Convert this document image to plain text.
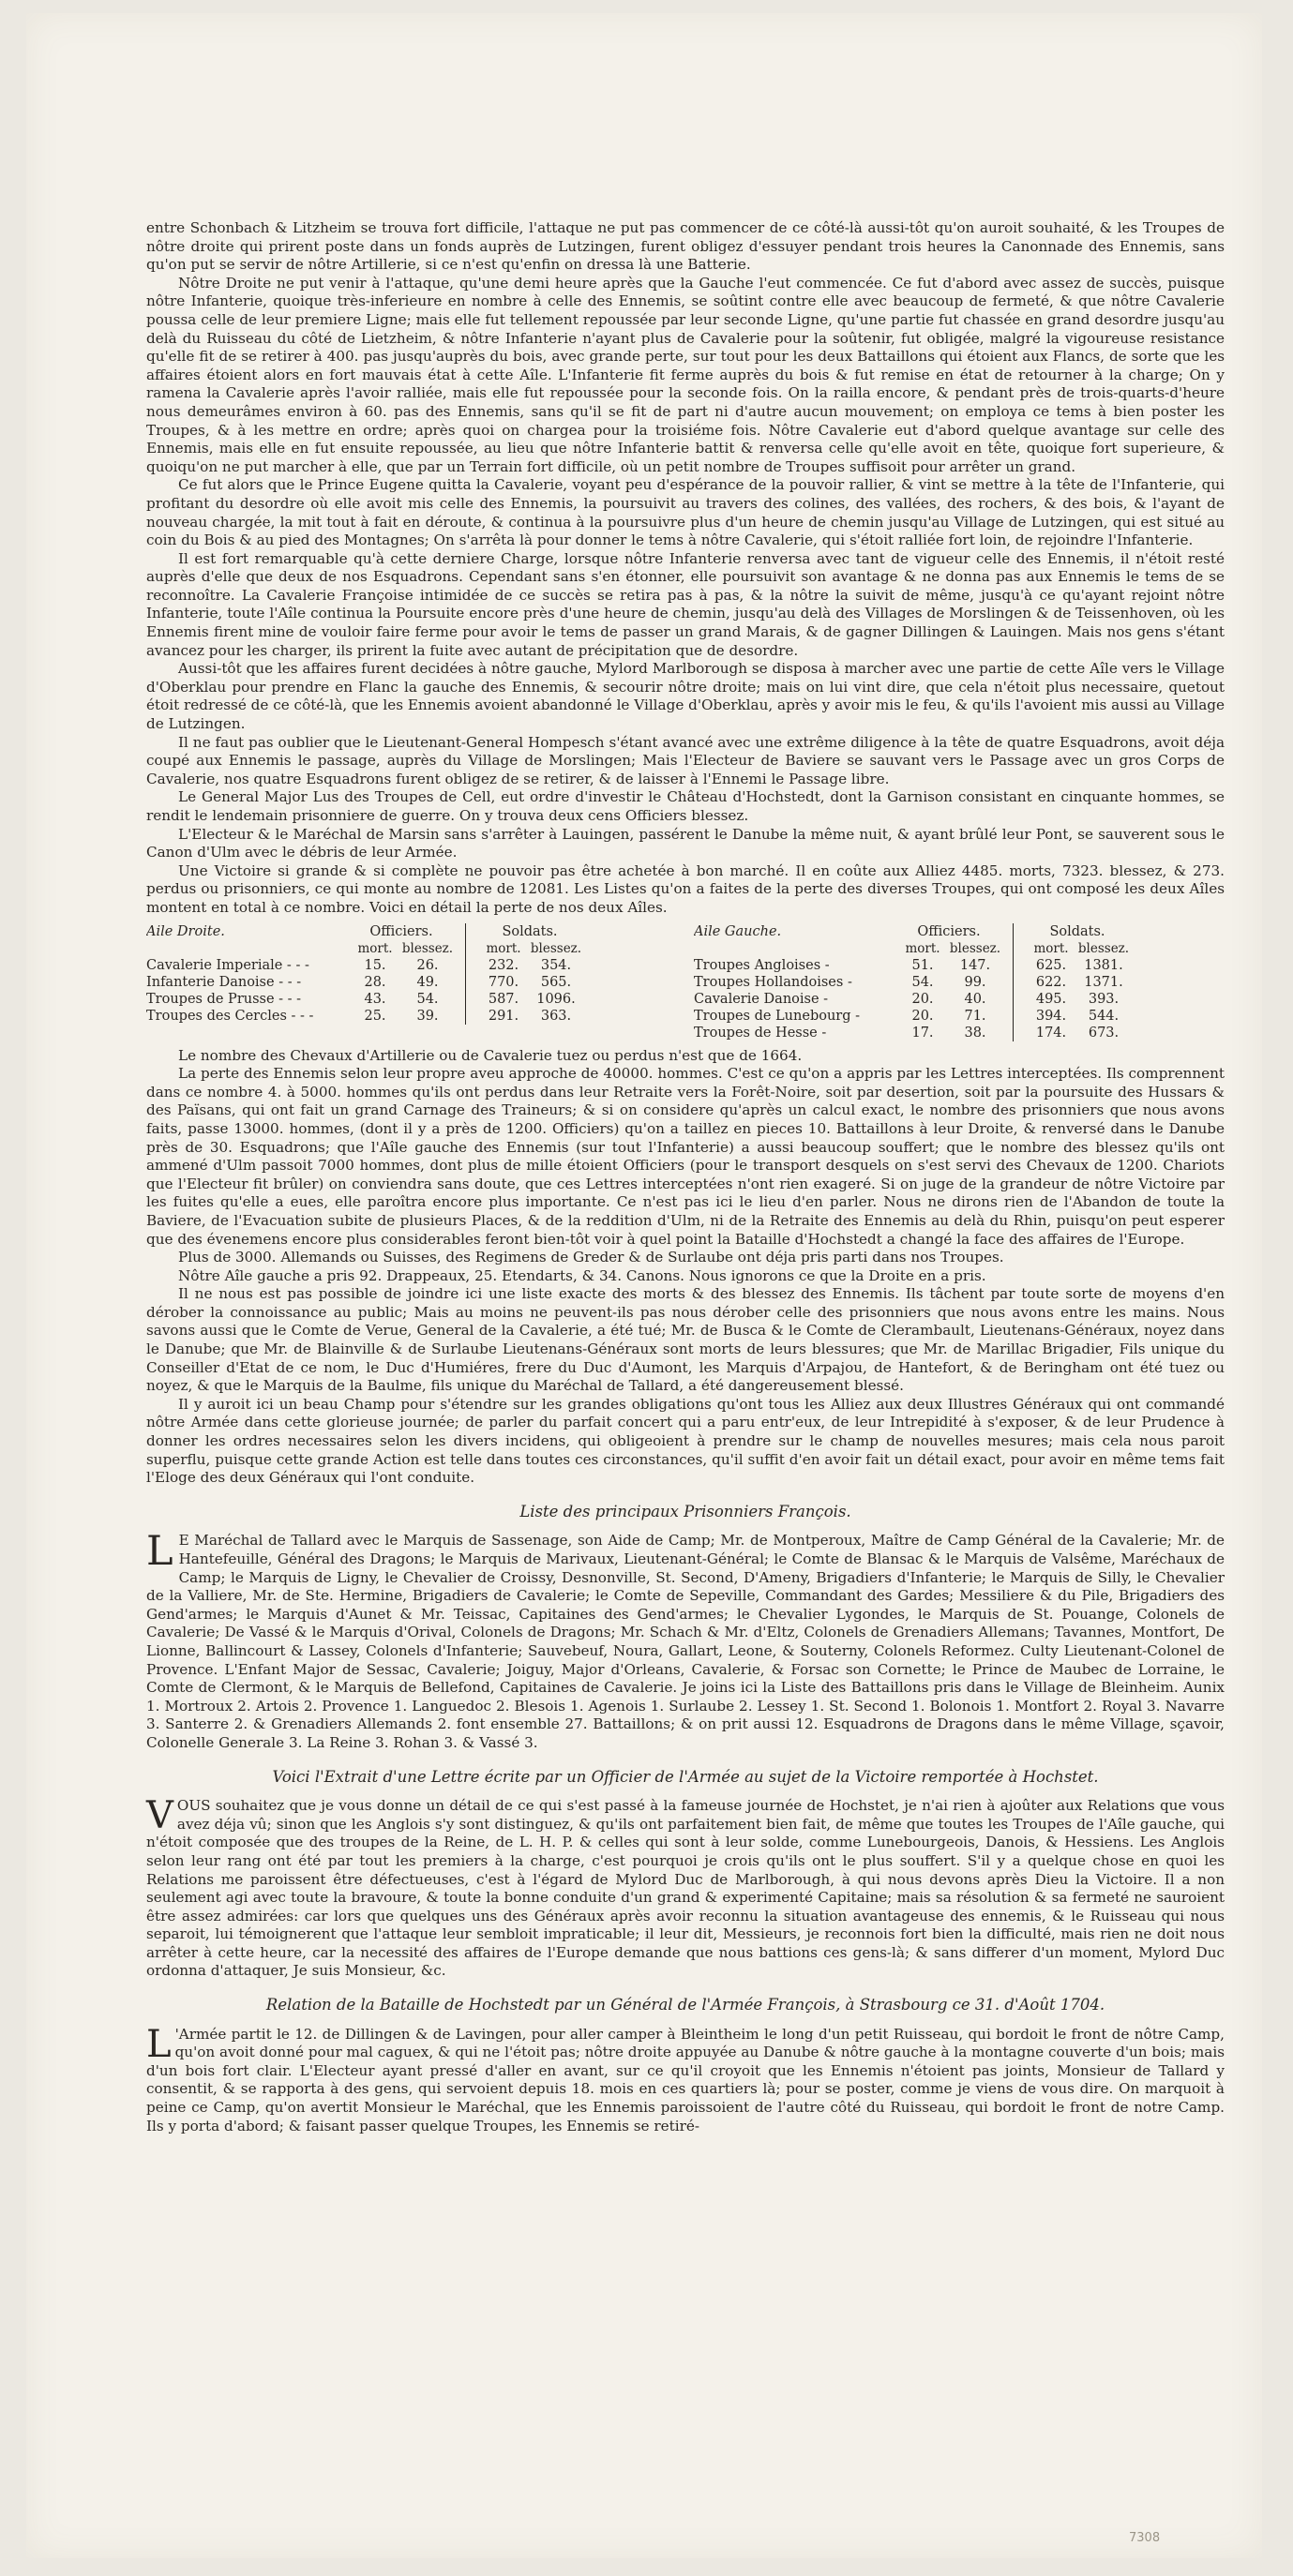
entre Schonbach & Litzheim se trouva fort difficile, l'attaque ne put pas commencer de ce côté-là aussi-tôt qu'on auroit souhaité, & les Troupes de nôtre droite qui prirent poste dans un fonds auprès de Lutzingen, furent obligez d'essuyer pendant trois heures la Canonnade des Ennemis, sans qu'on put se servir de nôtre Artillerie, si ce n'est qu'enfin on dressa là une Batterie.

Nôtre Droite ne put venir à l'attaque, qu'une demi heure après que la Gauche l'eut commencée. Ce fut d'abord avec assez de succès, puisque nôtre Infanterie, quoique très-inferieure en nombre à celle des Ennemis, se soûtint contre elle avec beaucoup de fermeté, & que nôtre Cavalerie poussa celle de leur premiere Ligne; mais elle fut tellement repoussée par leur seconde Ligne, qu'une partie fut chassée en grand desordre jusqu'au delà du Ruisseau du côté de Lietzheim, & nôtre Infanterie n'ayant plus de Cavalerie pour la soûtenir, fut obligée, malgré la vigoureuse resistance qu'elle fit de se retirer à 400. pas jusqu'auprès du bois, avec grande perte, sur tout pour les deux Battaillons qui étoient aux Flancs, de sorte que les affaires étoient alors en fort mauvais état à cette Aîle. L'Infanterie fit ferme auprès du bois & fut remise en état de retourner à la charge; On y ramena la Cavalerie après l'avoir ralliée, mais elle fut repoussée pour la seconde fois. On la railla encore, & pendant près de trois-quarts-d'heure nous demeurâmes environ à 60. pas des Ennemis, sans qu'il se fit de part ni d'autre aucun mouvement; on employa ce tems à bien poster les Troupes, & à les mettre en ordre; après quoi on chargea pour la troisiéme fois. Nôtre Cavalerie eut d'abord quelque avantage sur celle des Ennemis, mais elle en fut ensuite repoussée, au lieu que nôtre Infanterie battit & renversa celle qu'elle avoit en tête, quoique fort superieure, & quoiqu'on ne put marcher à elle, que par un Terrain fort difficile, où un petit nombre de Troupes suffisoit pour arrêter un grand.

Ce fut alors que le Prince Eugene quitta la Cavalerie, voyant peu d'espérance de la pouvoir rallier, & vint se mettre à la tête de l'Infanterie, qui profitant du desordre où elle avoit mis celle des Ennemis, la poursuivit au travers des colines, des vallées, des rochers, & des bois, & l'ayant de nouveau chargée, la mit tout à fait en déroute, & continua à la poursuivre plus d'un heure de chemin jusqu'au Village de Lutzingen, qui est situé au coin du Bois & au pied des Montagnes; On s'arrêta là pour donner le tems à nôtre Cavalerie, qui s'étoit ralliée fort loin, de rejoindre l'Infanterie.

Il est fort remarquable qu'à cette derniere Charge, lorsque nôtre Infanterie renversa avec tant de vigueur celle des Ennemis, il n'étoit resté auprès d'elle que deux de nos Esquadrons. Cependant sans s'en étonner, elle poursuivit son avantage & ne donna pas aux Ennemis le tems de se reconnoître. La Cavalerie Françoise intimidée de ce succès se retira pas à pas, & la nôtre la suivit de même, jusqu'à ce qu'ayant rejoint nôtre Infanterie, toute l'Aîle continua la Poursuite encore près d'une heure de chemin, jusqu'au delà des Villages de Morslingen & de Teissenhoven, où les Ennemis firent mine de vouloir faire ferme pour avoir le tems de passer un grand Marais, & de gagner Dillingen & Lauingen. Mais nos gens s'étant avancez pour les charger, ils prirent la fuite avec autant de précipitation que de desordre.

Aussi-tôt que les affaires furent decidées à nôtre gauche, Mylord Marlborough se disposa à marcher avec une partie de cette Aîle vers le Village d'Oberklau pour prendre en Flanc la gauche des Ennemis, & secourir nôtre droite; mais on lui vint dire, que cela n'étoit plus necessaire, quetout étoit redressé de ce côté-là, que les Ennemis avoient abandonné le Village d'Oberklau, après y avoir mis le feu, & qu'ils l'avoient mis aussi au Village de Lutzingen.

Il ne faut pas oublier que le Lieutenant-General Hompesch s'étant avancé avec une extrême diligence à la tête de quatre Esquadrons, avoit déja coupé aux Ennemis le passage, auprès du Village de Morslingen; Mais l'Electeur de Baviere se sauvant vers le Passage avec un gros Corps de Cavalerie, nos quatre Esquadrons furent obligez de se retirer, & de laisser à l'Ennemi le Passage libre.

Le General Major Lus des Troupes de Cell, eut ordre d'investir le Château d'Hochstedt, dont la Garnison consistant en cinquante hommes, se rendit le lendemain prisonniere de guerre. On y trouva deux cens Officiers blessez.

L'Electeur & le Maréchal de Marsin sans s'arrêter à Lauingen, passérent le Danube la même nuit, & ayant brûlé leur Pont, se sauverent sous le Canon d'Ulm avec le débris de leur Armée.

Une Victoire si grande & si complète ne pouvoir pas être achetée à bon marché. Il en coûte aux Alliez 4485. morts, 7323. blessez, & 273. perdus ou prisonniers, ce qui monte au nombre de 12081. Les Listes qu'on a faites de la perte des diverses Troupes, qui ont composé les deux Aîles montent en total à ce nombre. Voici en détail la perte de nos deux Aîles.

Aile Droite.	Officiers.	Soldats.
mort. blessez.	mort. blessez.
Cavalerie Imperiale - - -	15.	26.	232.	354.
Infanterie Danoise - - -	28.	49.	770.	565.
Troupes de Prusse - - -	43.	54.	587.	1096.
Troupes des Cercles - - -	25.	39.	291.	363.
Aile Gauche.	Officiers.	Soldats.
mort. blessez.	mort. blessez.
Troupes Angloises -	51.	147.	625.	1381.
Troupes Hollandoises -	54.	99.	622.	1371.
Cavalerie Danoise -	20.	40.	495.	393.
Troupes de Lunebourg -	20.	71.	394.	544.
Troupes de Hesse -	17.	38.	174.	673.

Le nombre des Chevaux d'Artillerie ou de Cavalerie tuez ou perdus n'est que de 1664.

La perte des Ennemis selon leur propre aveu approche de 40000. hommes. C'est ce qu'on a appris par les Lettres interceptées. Ils comprennent dans ce nombre 4. à 5000. hommes qu'ils ont perdus dans leur Retraite vers la Forêt-Noire, soit par desertion, soit par la poursuite des Hussars & des Païsans, qui ont fait un grand Carnage des Traineurs; & si on considere qu'après un calcul exact, le nombre des prisonniers que nous avons faits, passe 13000. hommes, (dont il y a près de 1200. Officiers) qu'on a taillez en pieces 10. Battaillons à leur Droite, & renversé dans le Danube près de 30. Esquadrons; que l'Aîle gauche des Ennemis (sur tout l'Infanterie) a aussi beaucoup souffert; que le nombre des blessez qu'ils ont ammené d'Ulm passoit 7000 hommes, dont plus de mille étoient Officiers (pour le transport desquels on s'est servi des Chevaux de 1200. Chariots que l'Electeur fit brûler) on conviendra sans doute, que ces Lettres interceptées n'ont rien exageré. Si on juge de la grandeur de nôtre Victoire par les fuites qu'elle a eues, elle paroîtra encore plus importante. Ce n'est pas ici le lieu d'en parler. Nous ne dirons rien de l'Abandon de toute la Baviere, de l'Evacuation subite de plusieurs Places, & de la reddition d'Ulm, ni de la Retraite des Ennemis au delà du Rhin, puisqu'on peut esperer que des évenemens encore plus considerables feront bien-tôt voir à quel point la Bataille d'Hochstedt a changé la face des affaires de l'Europe.

Plus de 3000. Allemands ou Suisses, des Regimens de Greder & de Surlaube ont déja pris parti dans nos Troupes.

Nôtre Aîle gauche a pris 92. Drappeaux, 25. Etendarts, & 34. Canons. Nous ignorons ce que la Droite en a pris.

Il ne nous est pas possible de joindre ici une liste exacte des morts & des blessez des Ennemis. Ils tâchent par toute sorte de moyens d'en dérober la connoissance au public; Mais au moins ne peuvent-ils pas nous dérober celle des prisonniers que nous avons entre les mains. Nous savons aussi que le Comte de Verue, General de la Cavalerie, a été tué; Mr. de Busca & le Comte de Clerambault, Lieutenans-Généraux, noyez dans le Danube; que Mr. de Blainville & de Surlaube Lieutenans-Généraux sont morts de leurs blessures; que Mr. de Marillac Brigadier, Fils unique du Conseiller d'Etat de ce nom, le Duc d'Humiéres, frere du Duc d'Aumont, les Marquis d'Arpajou, de Hantefort, & de Beringham ont été tuez ou noyez, & que le Marquis de la Baulme, fils unique du Maréchal de Tallard, a été dangereusement blessé.

Il y auroit ici un beau Champ pour s'étendre sur les grandes obligations qu'ont tous les Alliez aux deux Illustres Généraux qui ont commandé nôtre Armée dans cette glorieuse journée; de parler du parfait concert qui a paru entr'eux, de leur Intrepidité à s'exposer, & de leur Prudence à donner les ordres necessaires selon les divers incidens, qui obligeoient à prendre sur le champ de nouvelles mesures; mais cela nous paroit superflu, puisque cette grande Action est telle dans toutes ces circonstances, qu'il suffit d'en avoir fait un détail exact, pour avoir en même tems fait l'Eloge des deux Généraux qui l'ont conduite.

Liste des principaux Prisonniers François.

L E Maréchal de Tallard avec le Marquis de Sassenage, son Aide de Camp; Mr. de Montperoux, Maître de Camp Général de la Cavalerie; Mr. de Hantefeuille, Général des Dragons; le Marquis de Marivaux, Lieutenant-Général; le Comte de Blansac & le Marquis de Valsême, Maréchaux de Camp; le Marquis de Ligny, le Chevalier de Croissy, Desnonville, St. Second, D'Ameny, Brigadiers d'Infanterie; le Marquis de Silly, le Chevalier de la Valliere, Mr. de Ste. Hermine, Brigadiers de Cavalerie; le Comte de Sepeville, Commandant des Gardes; Messiliere & du Pile, Brigadiers des Gend'armes; le Marquis d'Aunet & Mr. Teissac, Capitaines des Gend'armes; le Chevalier Lygondes, le Marquis de St. Pouange, Colonels de Cavalerie; De Vassé & le Marquis d'Orival, Colonels de Dragons; Mr. Schach & Mr. d'Eltz, Colonels de Grenadiers Allemans; Tavannes, Montfort, De Lionne, Ballincourt & Lassey, Colonels d'Infanterie; Sauvebeuf, Noura, Gallart, Leone, & Souterny, Colonels Reformez. Culty Lieutenant-Colonel de Provence. L'Enfant Major de Sessac, Cavalerie; Joiguy, Major d'Orleans, Cavalerie, & Forsac son Cornette; le Prince de Maubec de Lorraine, le Comte de Clermont, & le Marquis de Bellefond, Capitaines de Cavalerie. Je joins ici la Liste des Battaillons pris dans le Village de Bleinheim. Aunix 1. Mortroux 2. Artois 2. Provence 1. Languedoc 2. Blesois 1. Agenois 1. Surlaube 2. Lessey 1. St. Second 1. Bolonois 1. Montfort 2. Royal 3. Navarre 3. Santerre 2. & Grenadiers Allemands 2. font ensemble 27. Battaillons; & on prit aussi 12. Esquadrons de Dragons dans le même Village, sçavoir, Colonelle Generale 3. La Reine 3. Rohan 3. & Vassé 3.

Voici l'Extrait d'une Lettre écrite par un Officier de l'Armée au sujet de la Victoire remportée à Hochstet.

VOUS souhaitez que je vous donne un détail de ce qui s'est passé à la fameuse journée de Hochstet, je n'ai rien à ajoûter aux Relations que vous avez déja vû; sinon que les Anglois s'y sont distinguez, & qu'ils ont parfaitement bien fait, de même que toutes les Troupes de l'Aîle gauche, qui n'étoit composée que des troupes de la Reine, de L. H. P. & celles qui sont à leur solde, comme Lunebourgeois, Danois, & Hessiens. Les Anglois selon leur rang ont été par tout les premiers à la charge, c'est pourquoi je crois qu'ils ont le plus souffert. S'il y a quelque chose en quoi les Relations me paroissent être défectueuses, c'est à l'égard de Mylord Duc de Marlborough, à qui nous devons après Dieu la Victoire. Il a non seulement agi avec toute la bravoure, & toute la bonne conduite d'un grand & experimenté Capitaine; mais sa résolution & sa fermeté ne sauroient être assez admirées: car lors que quelques uns des Généraux après avoir reconnu la situation avantageuse des ennemis, & le Ruisseau qui nous separoit, lui témoignerent que l'attaque leur sembloit impraticable; il leur dit, Messieurs, je reconnois fort bien la difficulté, mais rien ne doit nous arrêter à cette heure, car la necessité des affaires de l'Europe demande que nous battions ces gens-là; & sans differer d'un moment, Mylord Duc ordonna d'attaquer, Je suis Monsieur, &c.

Relation de la Bataille de Hochstedt par un Général de l'Armée François, à Strasbourg ce 31. d'Août 1704.

L 'Armée partit le 12. de Dillingen & de Lavingen, pour aller camper à Bleintheim le long d'un petit Ruisseau, qui bordoit le front de nôtre Camp, qu'on avoit donné pour mal caguex, & qui ne l'étoit pas; nôtre droite appuyée au Danube & nôtre gauche à la montagne couverte d'un bois; mais d'un bois fort clair. L'Electeur ayant pressé d'aller en avant, sur ce qu'il croyoit que les Ennemis n'étoient pas joints, Monsieur de Tallard y consentit, & se rapporta à des gens, qui servoient depuis 18. mois en ces quartiers là; pour se poster, comme je viens de vous dire. On marquoit à peine ce Camp, qu'on avertit Monsieur le Maréchal, que les Ennemis paroissoient de l'autre côté du Ruisseau, qui bordoit le front de notre Camp. Ils y porta d'abord; & faisant passer quelque Troupes, les Ennemis se retiré-

7308
